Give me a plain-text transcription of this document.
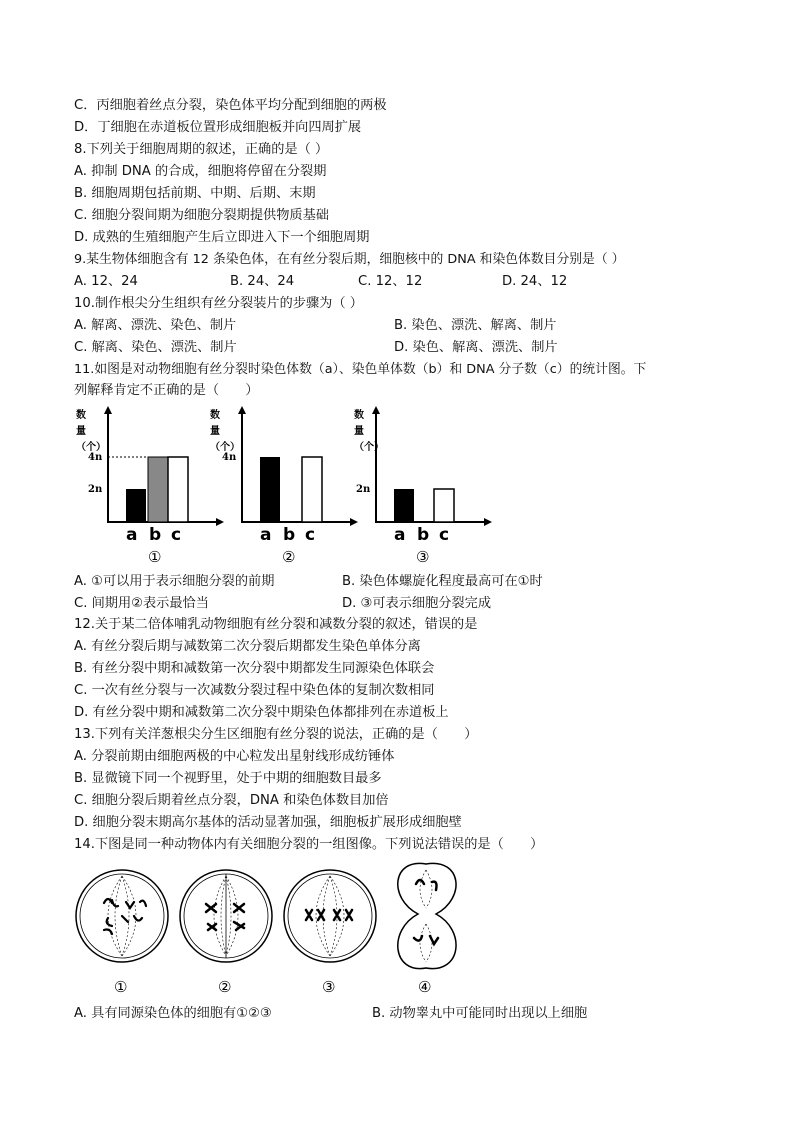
C．丙细胞着丝点分裂，染色体平均分配到细胞的两极
D．丁细胞在赤道板位置形成细胞板并向四周扩展
8.下列关于细胞周期的叙述，正确的是（ ）
A. 抑制 DNA 的合成，细胞将停留在分裂期
B. 细胞周期包括前期、中期、后期、末期
C. 细胞分裂间期为细胞分裂期提供物质基础
D. 成熟的生殖细胞产生后立即进入下一个细胞周期
9.某生物体细胞含有 12 条染色体，在有丝分裂后期，细胞核中的 DNA 和染色体数目分别是（ ）
A. 12、24	B. 24、24	C. 12、12	D. 24、12
10.制作根尖分生组织有丝分裂装片的步骤为（ ）
A. 解离、漂洗、染色、制片	B. 染色、漂洗、解离、制片
C. 解离、染色、漂洗、制片	D. 染色、解离、漂洗、制片
11.如图是对动物细胞有丝分裂时染色体数（a）、染色单体数（b）和 DNA 分子数（c）的统计图。下
列解释肯定不正确的是（　　）
数
量
（个）
2n
4n
a b c
①
数
量
（个）
4n
a b c
②
数
量
（个）
2n
a b c
③
A. ①可以用于表示细胞分裂的前期	B. 染色体螺旋化程度最高可在①时
C. 间期用②表示最恰当	D. ③可表示细胞分裂完成
12.关于某二倍体哺乳动物细胞有丝分裂和减数分裂的叙述，错误的是
A. 有丝分裂后期与减数第二次分裂后期都发生染色单体分离
B. 有丝分裂中期和减数第一次分裂中期都发生同源染色体联会
C. 一次有丝分裂与一次减数分裂过程中染色体的复制次数相同
D. 有丝分裂中期和减数第二次分裂中期染色体都排列在赤道板上
13.下列有关洋葱根尖分生区细胞有丝分裂的说法，正确的是（　　）
A. 分裂前期由细胞两极的中心粒发出星射线形成纺锤体
B. 显微镜下同一个视野里，处于中期的细胞数目最多
C. 细胞分裂后期着丝点分裂，DNA 和染色体数目加倍
D. 细胞分裂末期高尔基体的活动显著加强，细胞板扩展形成细胞壁
14.下图是同一种动物体内有关细胞分裂的一组图像。下列说法错误的是（　　）
①	②	③	④
A. 具有同源染色体的细胞有①②③	B. 动物睾丸中可能同时出现以上细胞
